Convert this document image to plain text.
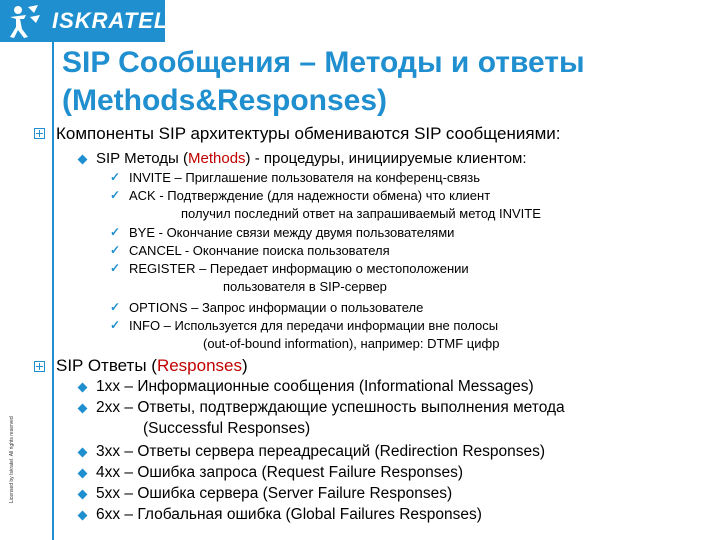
ISKRATEL
Licensed by Iskratel. All rights reserved
SIP Сообщения – Методы и ответы
(Methods&Responses)
Компоненты SIP архитектуры обмениваются SIP сообщениями:
SIP Методы (Methods) - процедуры, инициируемые клиентом:
✓ INVITE – Приглашение пользователя на конференц-связь
✓ ACK - Подтверждение (для надежности обмена) что клиент
получил последний ответ на запрашиваемый метод INVITE
✓ BYE - Окончание связи между двумя пользователями
✓ CANCEL - Окончание поиска пользователя
✓ REGISTER – Передает информацию о местоположении
пользователя в SIP-сервер
✓ OPTIONS – Запрос информации о пользователе
✓ INFO – Используется для передачи информации вне полосы
(out-of-bound information), например: DTMF цифр
SIP Ответы (Responses)
1xx – Информационные сообщения (Informational Messages)
2xx – Ответы, подтверждающие успешность выполнения метода
(Successful Responses)
3xx – Ответы сервера переадресаций (Redirection Responses)
4xx – Ошибка запроса (Request Failure Responses)
5xx – Ошибка сервера (Server Failure Responses)
6xx – Глобальная ошибка (Global Failures Responses)
